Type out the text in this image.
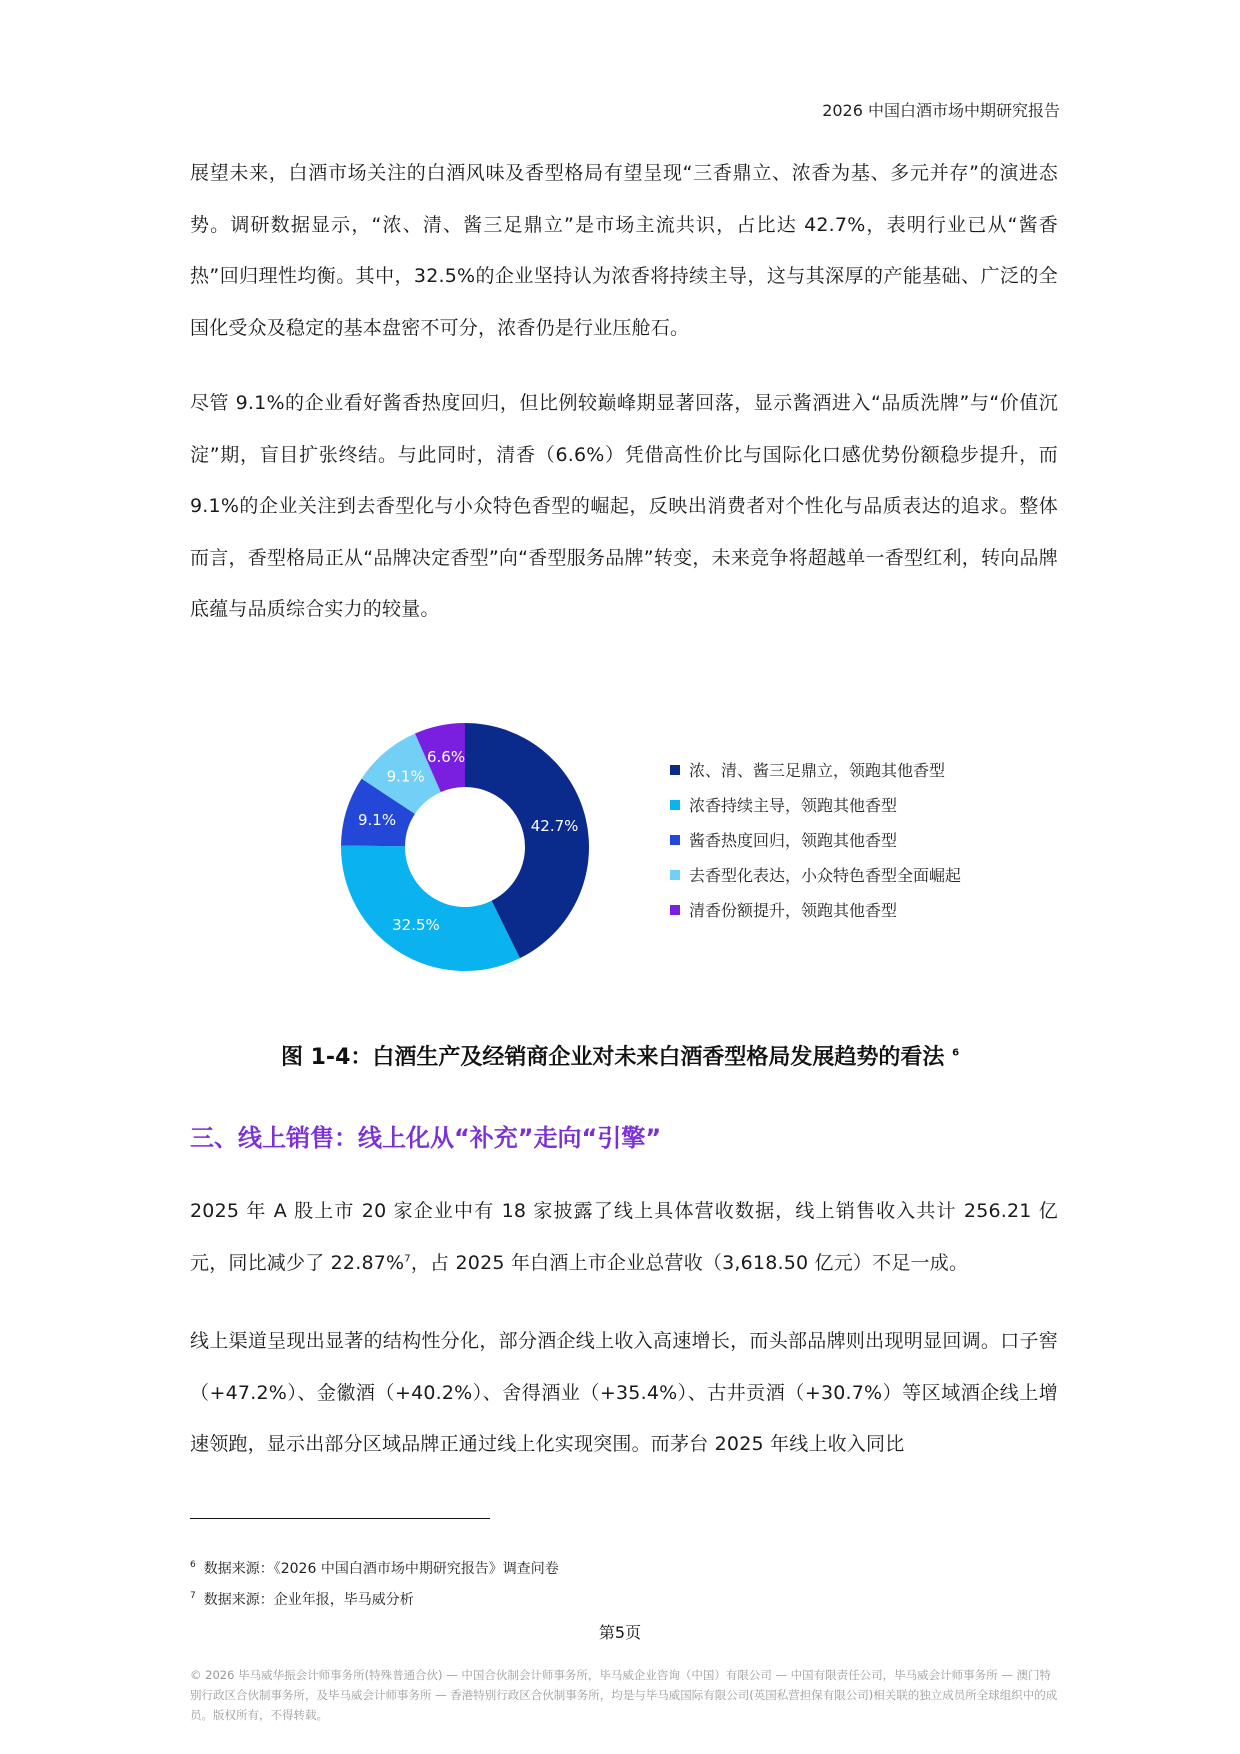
2026 中国白酒市场中期研究报告

展望未来，白酒市场关注的白酒风味及香型格局有望呈现“三香鼎立、浓香为基、多元并存”的演进态势。调研数据显示，“浓、清、酱三足鼎立”是市场主流共识，占比达 42.7%，表明行业已从“酱香热”回归理性均衡。其中，32.5%的企业坚持认为浓香将持续主导，这与其深厚的产能基础、广泛的全国化受众及稳定的基本盘密不可分，浓香仍是行业压舱石。

尽管 9.1%的企业看好酱香热度回归，但比例较巅峰期显著回落，显示酱酒进入“品质洗牌”与“价值沉淀”期，盲目扩张终结。与此同时，清香（6.6%）凭借高性价比与国际化口感优势份额稳步提升，而 9.1%的企业关注到去香型化与小众特色香型的崛起，反映出消费者对个性化与品质表达的追求。整体而言，香型格局正从“品牌决定香型”向“香型服务品牌”转变，未来竞争将超越单一香型红利，转向品牌底蕴与品质综合实力的较量。

42.7%
32.5%
9.1%
9.1%
6.6%
浓、清、酱三足鼎立，领跑其他香型
浓香持续主导，领跑其他香型
酱香热度回归，领跑其他香型
去香型化表达，小众特色香型全面崛起
清香份额提升，领跑其他香型
图 1-4：白酒生产及经销商企业对未来白酒香型格局发展趋势的看法 $^6$
三、线上销售：线上化从“补充”走向“引擎”

2025 年 A 股上市 20 家企业中有 18 家披露了线上具体营收数据，线上销售收入共计 256.21 亿元，同比减少了 22.87%$^7$，占 2025 年白酒上市企业总营收（3,618.50 亿元）不足一成。

线上渠道呈现出显著的结构性分化，部分酒企线上收入高速增长，而头部品牌则出现明显回调。口子窖（+47.2%）、金徽酒（+40.2%）、舍得酒业（+35.4%）、古井贡酒（+30.7%）等区域酒企线上增速领跑，显示出部分区域品牌正通过线上化实现突围。而茅台 2025 年线上收入同比

$^6$ 数据来源：《2026 中国白酒市场中期研究报告》调查问卷
$^7$ 数据来源：企业年报，毕马威分析
第5页
© 2026 毕马威华振会计师事务所(特殊普通合伙) — 中国合伙制会计师事务所，毕马威企业咨询（中国）有限公司 — 中国有限责任公司，毕马威会计师事务所 — 澳门特别行政区合伙制事务所，及毕马威会计师事务所 — 香港特别行政区合伙制事务所，均是与毕马威国际有限公司(英国私营担保有限公司)相关联的独立成员所全球组织中的成员。版权所有，不得转载。
